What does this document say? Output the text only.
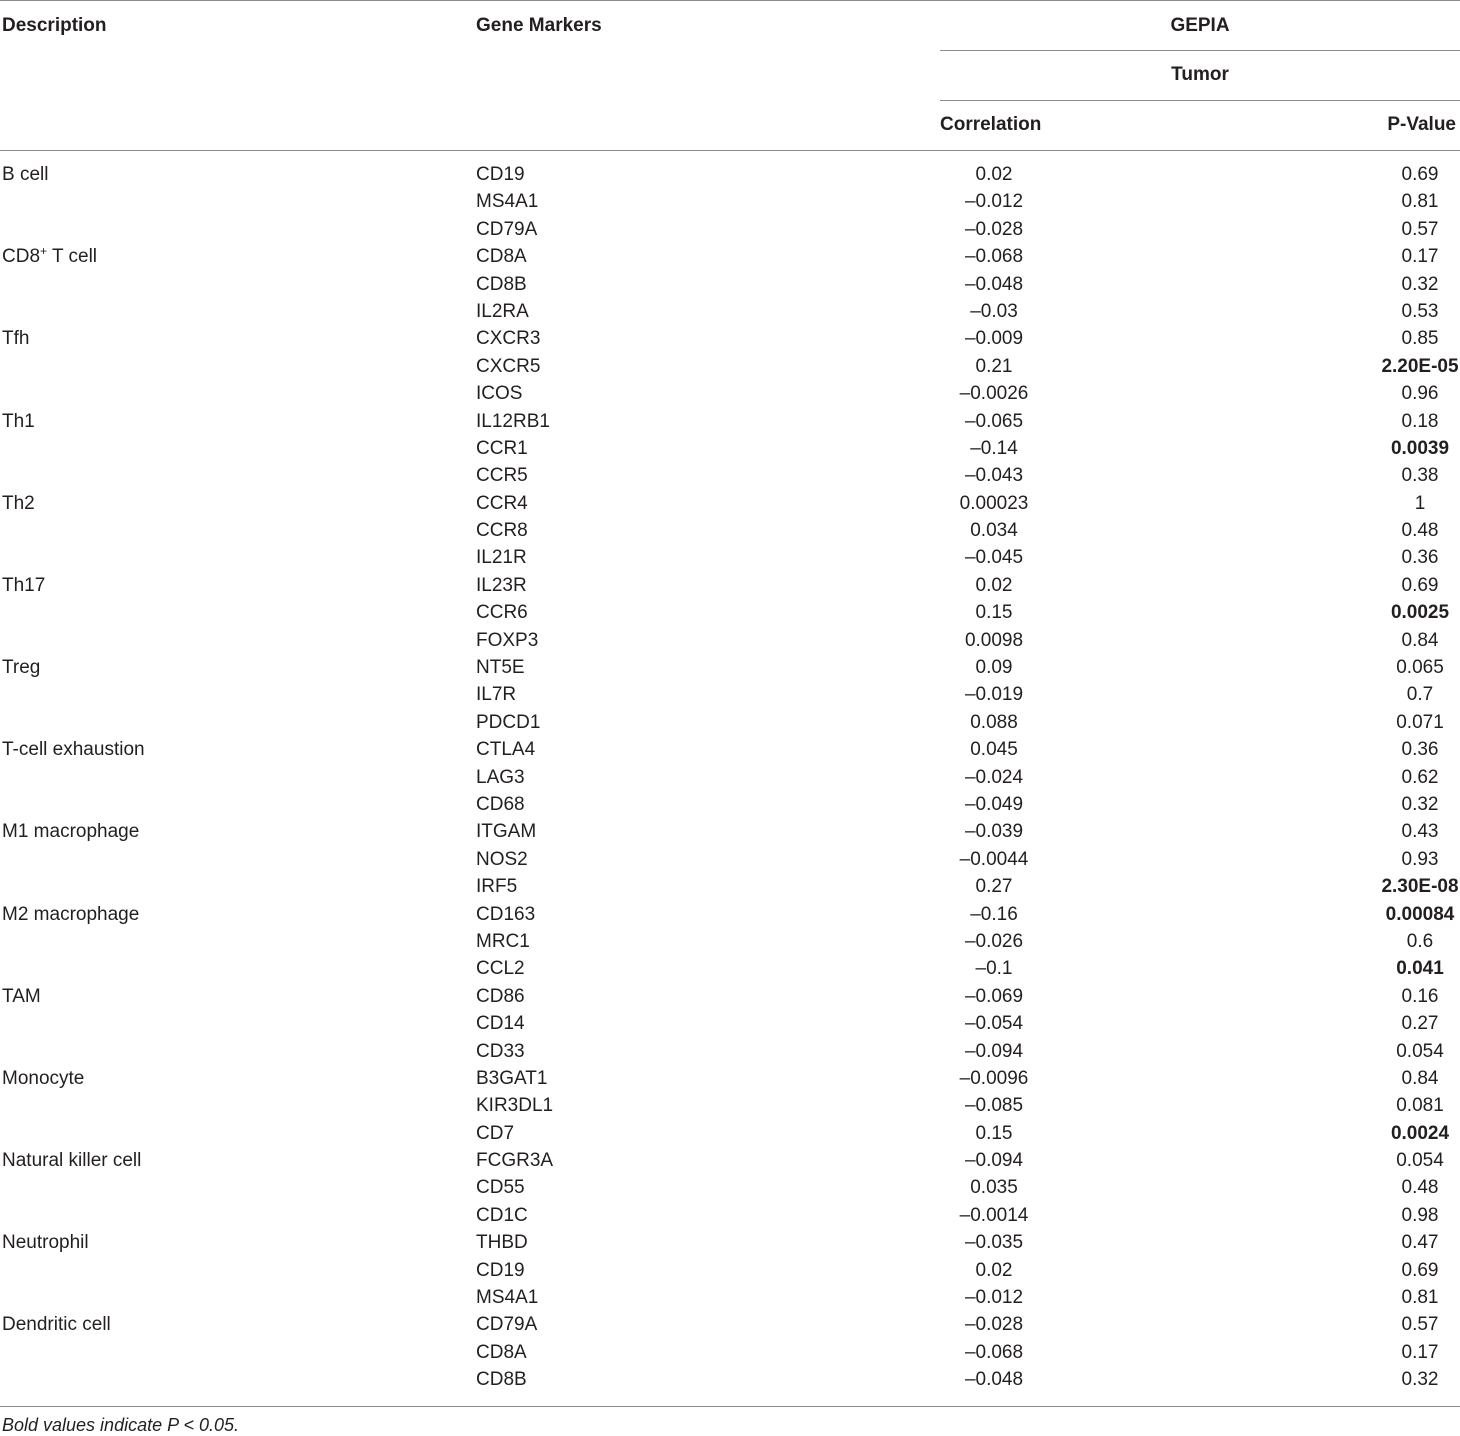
Description	Gene Markers	GEPIA
Tumor
Correlation	P-Value
B cell	CD19	0.02	0.69
MS4A1	–0.012	0.81
CD79A	–0.028	0.57
CD8+ T cell	CD8A	–0.068	0.17
CD8B	–0.048	0.32
IL2RA	–0.03	0.53
Tfh	CXCR3	–0.009	0.85
CXCR5	0.21	2.20E-05
ICOS	–0.0026	0.96
Th1	IL12RB1	–0.065	0.18
CCR1	–0.14	0.0039
CCR5	–0.043	0.38
Th2	CCR4	0.00023	1
CCR8	0.034	0.48
IL21R	–0.045	0.36
Th17	IL23R	0.02	0.69
CCR6	0.15	0.0025
FOXP3	0.0098	0.84
Treg	NT5E	0.09	0.065
IL7R	–0.019	0.7
PDCD1	0.088	0.071
T-cell exhaustion	CTLA4	0.045	0.36
LAG3	–0.024	0.62
CD68	–0.049	0.32
M1 macrophage	ITGAM	–0.039	0.43
NOS2	–0.0044	0.93
IRF5	0.27	2.30E-08
M2 macrophage	CD163	–0.16	0.00084
MRC1	–0.026	0.6
CCL2	–0.1	0.041
TAM	CD86	–0.069	0.16
CD14	–0.054	0.27
CD33	–0.094	0.054
Monocyte	B3GAT1	–0.0096	0.84
KIR3DL1	–0.085	0.081
CD7	0.15	0.0024
Natural killer cell	FCGR3A	–0.094	0.054
CD55	0.035	0.48
CD1C	–0.0014	0.98
Neutrophil	THBD	–0.035	0.47
CD19	0.02	0.69
MS4A1	–0.012	0.81
Dendritic cell	CD79A	–0.028	0.57
CD8A	–0.068	0.17
CD8B	–0.048	0.32
Bold values indicate P < 0.05.
